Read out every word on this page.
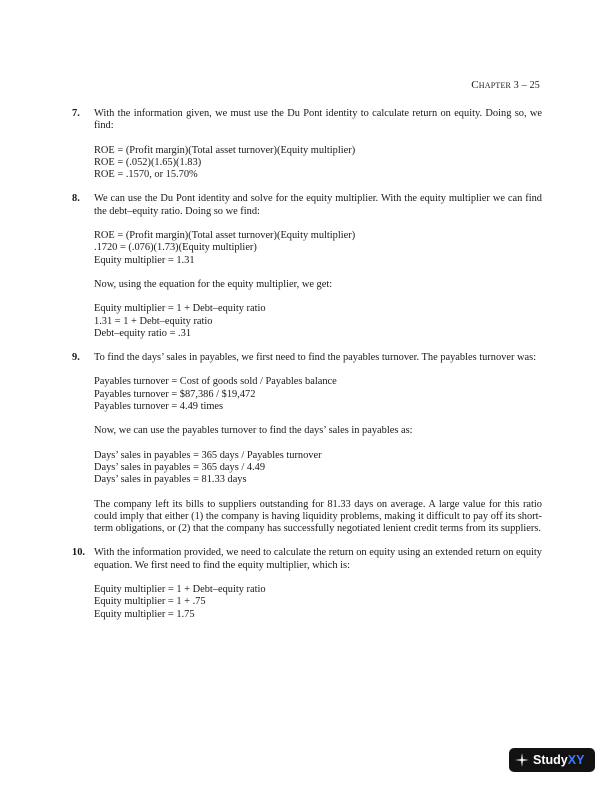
Chapter 3 – 25
7. With the information given, we must use the Du Pont identity to calculate return on equity. Doing so, we find:

ROE = (Profit margin)(Total asset turnover)(Equity multiplier)
ROE = (.052)(1.65)(1.83)
ROE = .1570, or 15.70%
8. We can use the Du Pont identity and solve for the equity multiplier. With the equity multiplier we can find the debt–equity ratio. Doing so we find:

ROE = (Profit margin)(Total asset turnover)(Equity multiplier)
.1720 = (.076)(1.73)(Equity multiplier)
Equity multiplier = 1.31

Now, using the equation for the equity multiplier, we get:

Equity multiplier = 1 + Debt–equity ratio
1.31 = 1 + Debt–equity ratio
Debt–equity ratio = .31
9. To find the days’ sales in payables, we first need to find the payables turnover. The payables turnover was:

Payables turnover = Cost of goods sold / Payables balance
Payables turnover = $87,386 / $19,472
Payables turnover = 4.49 times

Now, we can use the payables turnover to find the days’ sales in payables as:

Days’ sales in payables = 365 days / Payables turnover
Days’ sales in payables = 365 days / 4.49
Days’ sales in payables = 81.33 days

The company left its bills to suppliers outstanding for 81.33 days on average. A large value for this ratio could imply that either (1) the company is having liquidity problems, making it difficult to pay off its short-term obligations, or (2) that the company has successfully negotiated lenient credit terms from its suppliers.

10. With the information provided, we need to calculate the return on equity using an extended return on equity equation. We first need to find the equity multiplier, which is:

Equity multiplier = 1 + Debt–equity ratio
Equity multiplier = 1 + .75
Equity multiplier = 1.75
StudyXY
